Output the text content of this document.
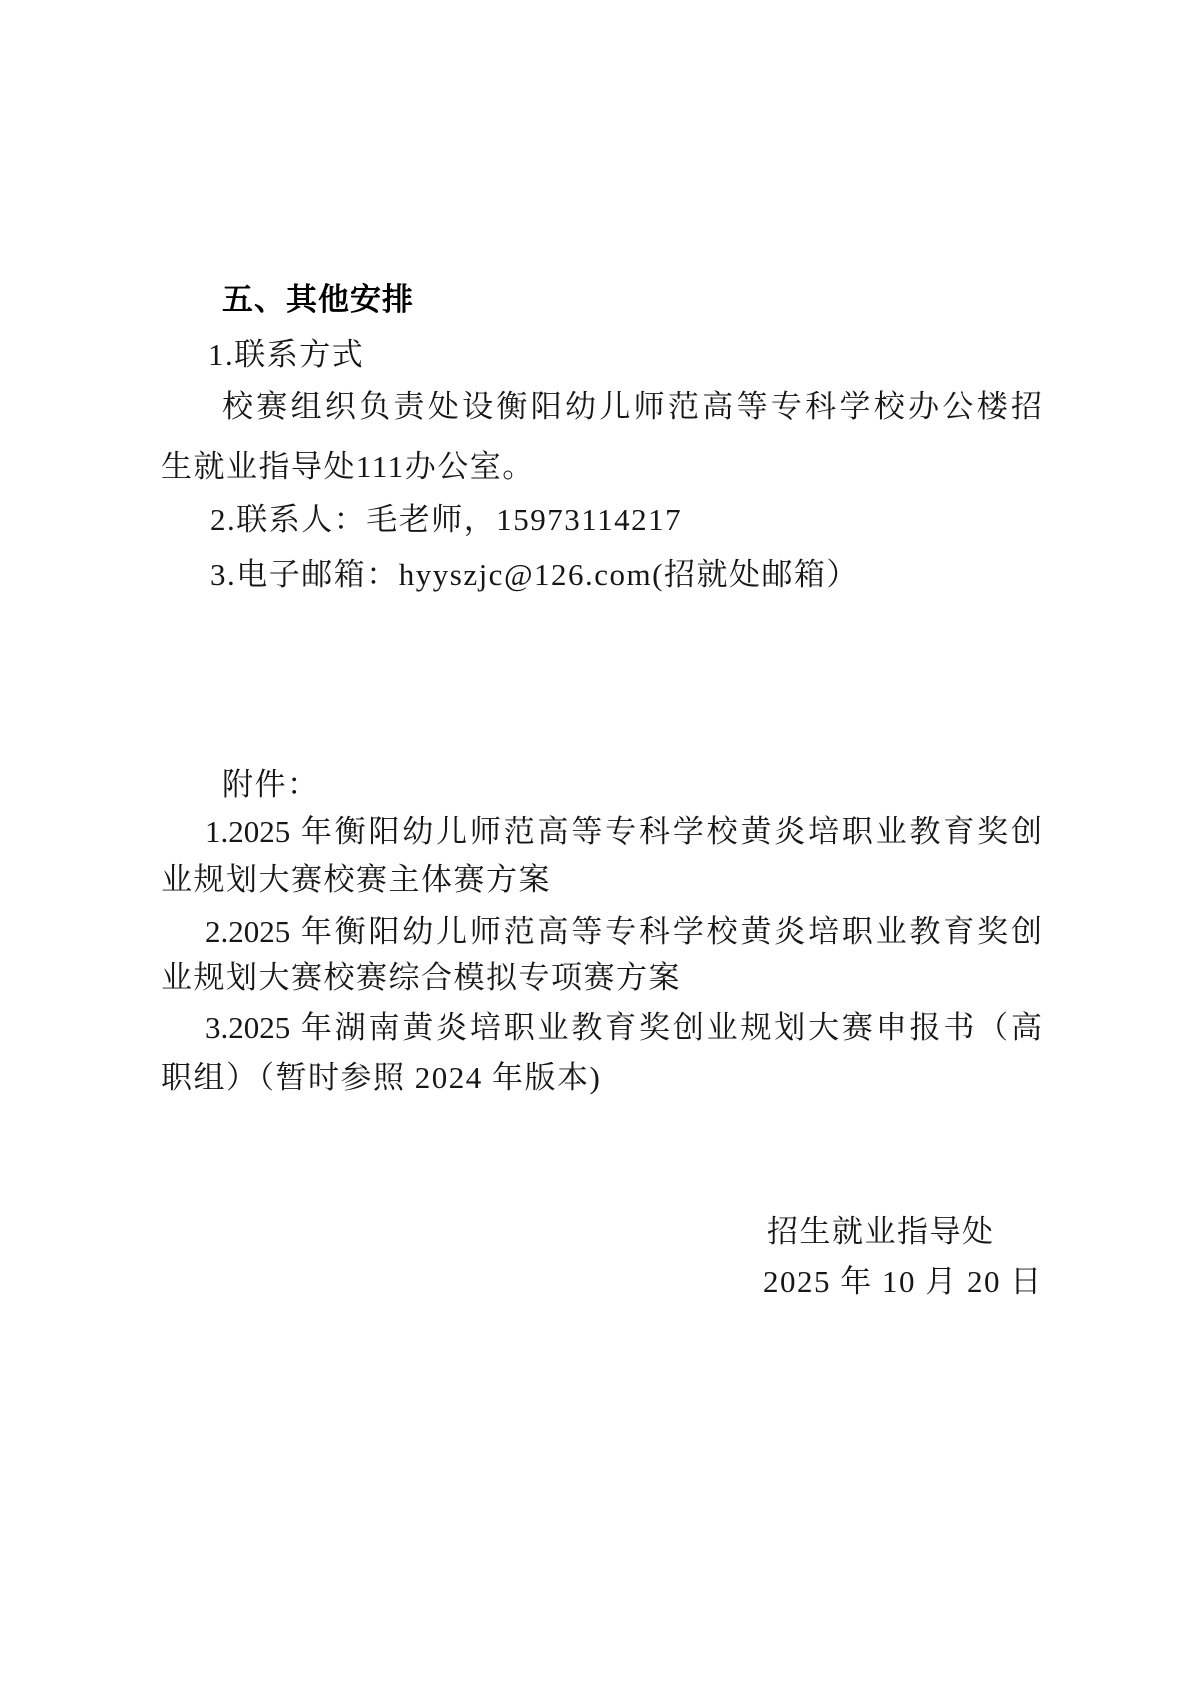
五、其他安排
1.联系方式
校赛组织负责处设衡阳幼儿师范高等专科学校办公楼招
生就业指导处111办公室。
2.联系人：毛老师，15973114217
3.电子邮箱：hyyszjc@126.com(招就处邮箱）
附件：
1.2025 年衡阳幼儿师范高等专科学校黄炎培职业教育奖创
业规划大赛校赛主体赛方案
2.2025 年衡阳幼儿师范高等专科学校黄炎培职业教育奖创
业规划大赛校赛综合模拟专项赛方案
3.2025 年湖南黄炎培职业教育奖创业规划大赛申报书（高
职组）（暂时参照 2024 年版本)
招生就业指导处
2025 年 10 月 20 日
